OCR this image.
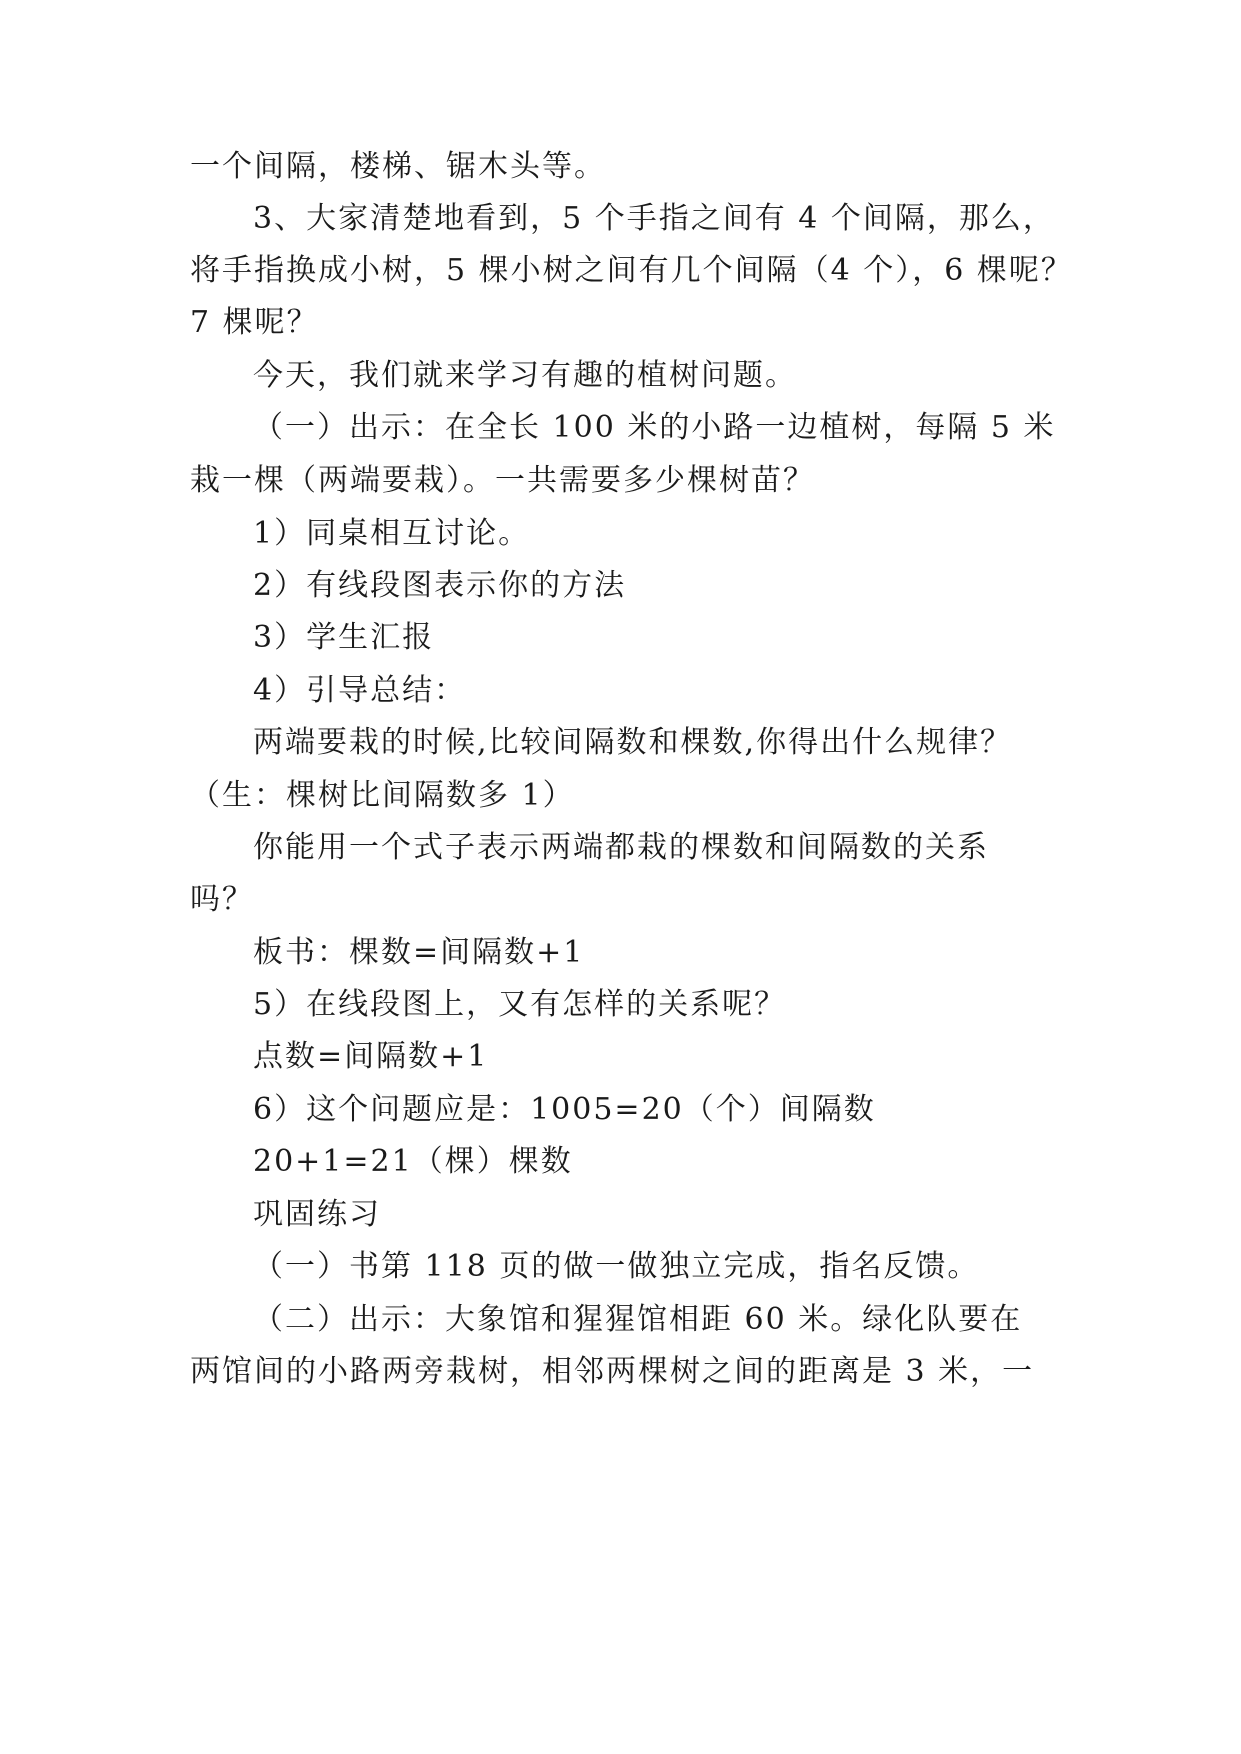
一个间隔，楼梯、锯木头等。
3、大家清楚地看到，5 个手指之间有 4 个间隔，那么，
将手指换成小树，5 棵小树之间有几个间隔（4 个），6 棵呢？
7 棵呢？
今天，我们就来学习有趣的植树问题。
（一）出示：在全长 100 米的小路一边植树，每隔 5 米
栽一棵（两端要栽）。一共需要多少棵树苗？
1）同桌相互讨论。
2）有线段图表示你的方法
3）学生汇报
4）引导总结：
两端要栽的时候,比较间隔数和棵数,你得出什么规律？
（生：棵树比间隔数多 1）
你能用一个式子表示两端都栽的棵数和间隔数的关系
吗？
板书：棵数=间隔数+1
5）在线段图上，又有怎样的关系呢？
点数=间隔数+1
6）这个问题应是：1005=20（个）间隔数
20+1=21（棵）棵数
巩固练习
（一）书第 118 页的做一做独立完成，指名反馈。
（二）出示：大象馆和猩猩馆相距 60 米。绿化队要在
两馆间的小路两旁栽树，相邻两棵树之间的距离是 3 米，一
